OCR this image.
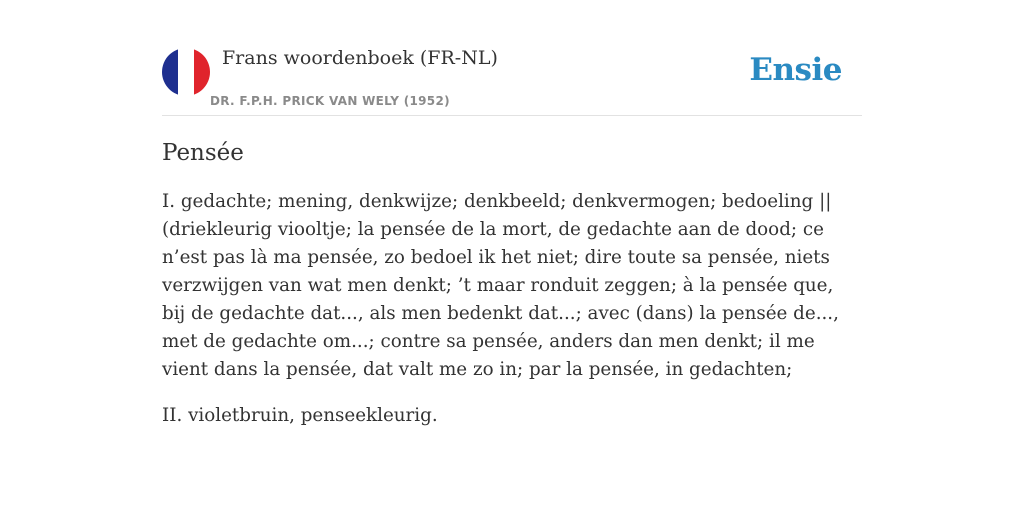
Frans woordenboek (FR-NL)
DR. F.P.H. PRICK VAN WELY (1952)
Ensie
Pensée

I. gedachte; mening, denkwijze; denkbeeld; denkvermogen; bedoeling || (driekleurig viooltje; la pensée de la mort, de gedachte aan de dood; ce n’est pas là ma pensée, zo bedoel ik het niet; dire toute sa pensée, niets verzwijgen van wat men denkt; ’t maar ronduit zeggen; à la pensée que, bij de gedachte dat..., als men bedenkt dat...; avec (dans) la pensée de..., met de gedachte om...; contre sa pensée, anders dan men denkt; il me vient dans la pensée, dat valt me zo in; par la pensée, in gedachten;

II. violetbruin, penseekleurig.
